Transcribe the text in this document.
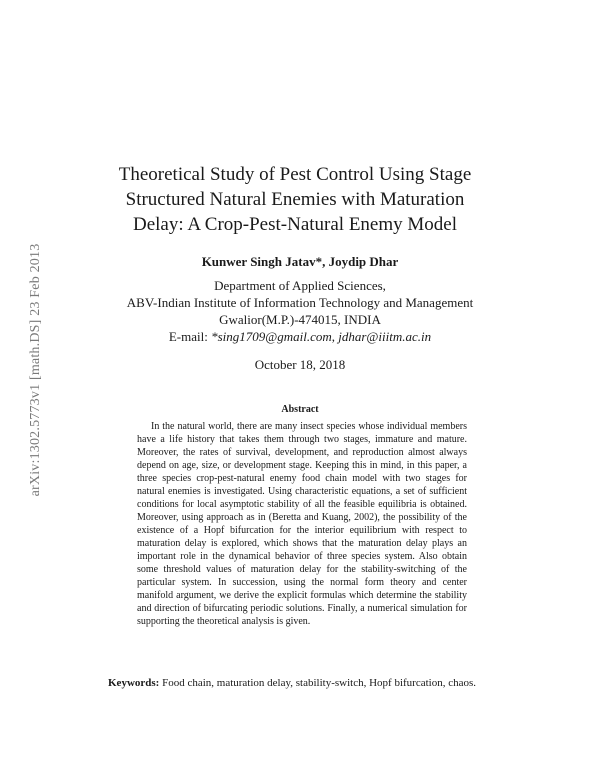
arXiv:1302.5773v1 [math.DS] 23 Feb 2013
Theoretical Study of Pest Control Using Stage Structured Natural Enemies with Maturation Delay: A Crop-Pest-Natural Enemy Model
Kunwer Singh Jatav*, Joydip Dhar
Department of Applied Sciences,
ABV-Indian Institute of Information Technology and Management
Gwalior(M.P.)-474015, INDIA
E-mail: *sing1709@gmail.com, jdhar@iiitm.ac.in
October 18, 2018
Abstract
In the natural world, there are many insect species whose individual members have a life history that takes them through two stages, immature and mature. Moreover, the rates of survival, development, and reproduction almost always depend on age, size, or development stage. Keeping this in mind, in this paper, a three species crop-pest-natural enemy food chain model with two stages for natural enemies is investigated. Using characteristic equations, a set of sufficient conditions for local asymptotic stability of all the feasible equilibria is obtained. Moreover, using approach as in (Beretta and Kuang, 2002), the possibility of the existence of a Hopf bifurcation for the interior equilibrium with respect to maturation delay is explored, which shows that the maturation delay plays an important role in the dynamical behavior of three species system. Also obtain some threshold values of maturation delay for the stability-switching of the particular system. In succession, using the normal form theory and center manifold argument, we derive the explicit formulas which determine the stability and direction of bifurcating periodic solutions. Finally, a numerical simulation for supporting the theoretical analysis is given.
Keywords: Food chain, maturation delay, stability-switch, Hopf bifurcation, chaos.
